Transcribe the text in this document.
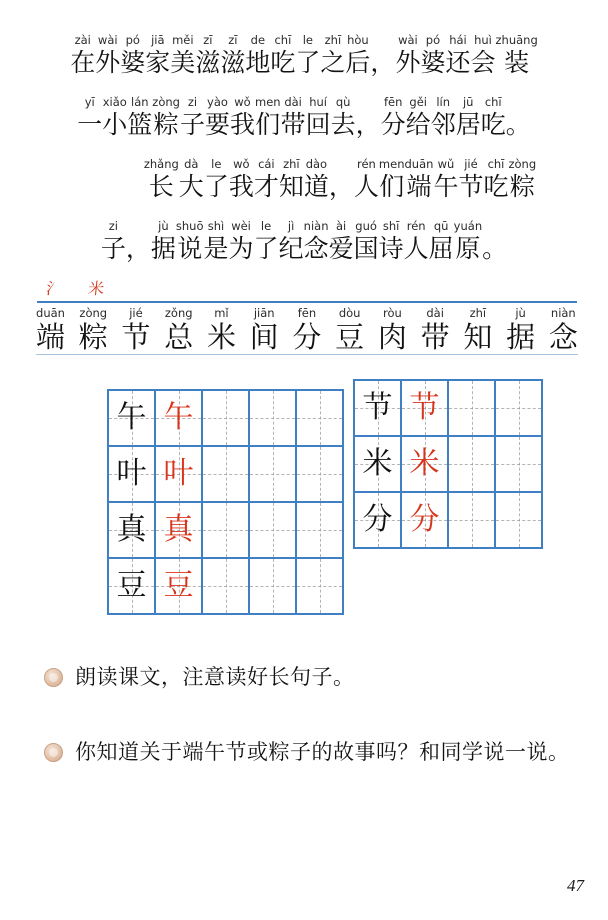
zài
在
wài
外
pó
婆
jiā
家
měi
美
zī
滋
zī
滋
de
地
chī
吃
le
了
zhī
之
hòu
后 ，
wài
外
pó
婆
hái
还
huì
会
zhuāng
装
yī
一
xiǎo
小
lán
篮
zòng
粽
zi
子
yào
要
wǒ
我
men
们
dài
带
huí
回
qù
去 ，
fēn
分
gěi
给
lín
邻
jū
居
chī
吃 。
zhǎng
长
dà
大
le
了
wǒ
我
cái
才
zhī
知
dào
道 ，
rén
人
men
们
duān
端
wǔ
午
jié
节
chī
吃
zòng
粽
zi
子 ，
jù
据
shuō
说
shì
是
wèi
为
le
了
jì
纪
niàn
念
ài
爱
guó
国
shī
诗
rén
人
qū
屈
yuán
原 。
氵 米
duān
端
zòng
粽
jié
节
zǒng
总
mǐ
米
jiān
间
fēn
分
dòu
豆
ròu
肉
dài
带
zhī
知
jù
据
niàn
念
午 午
叶 叶
真 真
豆 豆
节 节
米 米
分 分
朗读课文，注意读好长句子。
你知道关于端午节或粽子的故事吗？和同学说一说。
47
